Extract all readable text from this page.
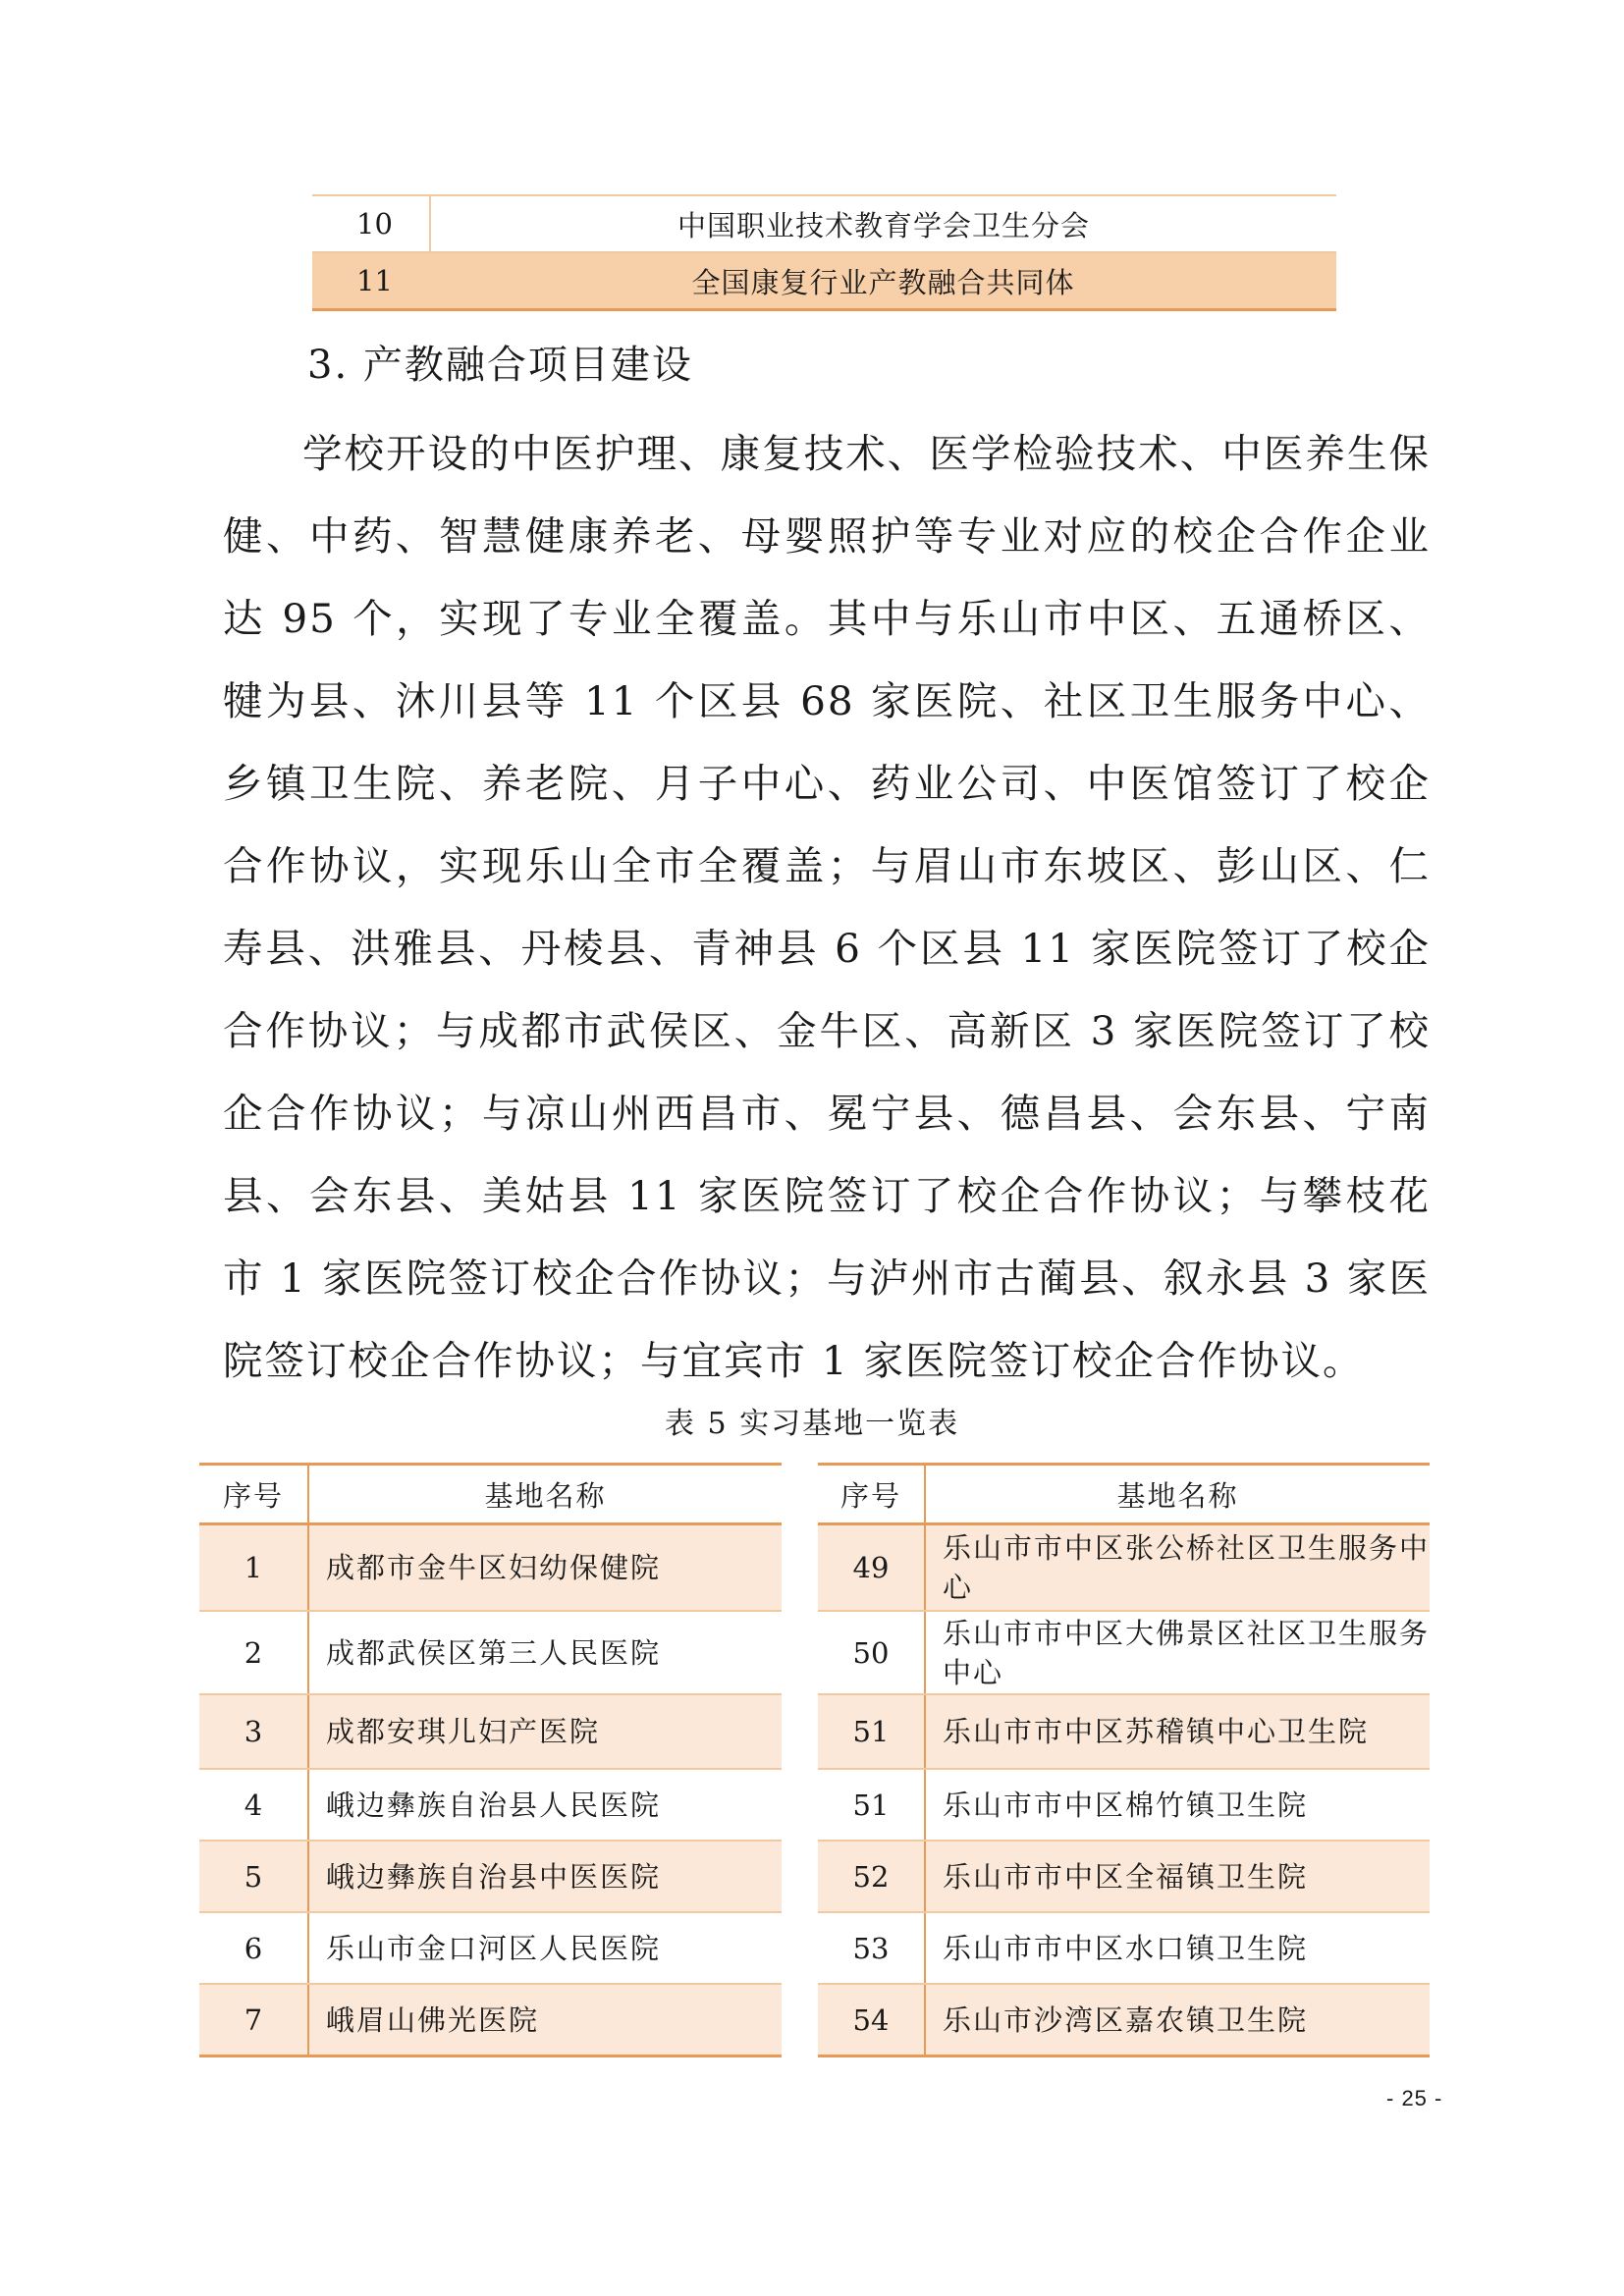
10	中国职业技术教育学会卫生分会
11	全国康复行业产教融合共同体
3. 产教融合项目建设

学校开设的中医护理、康复技术、医学检验技术、中医养生保健、中药、智慧健康养老、母婴照护等专业对应的校企合作企业达 95 个，实现了专业全覆盖。其中与乐山市中区、五通桥区、犍为县、沐川县等 11 个区县 68 家医院、社区卫生服务中心、乡镇卫生院、养老院、月子中心、药业公司、中医馆签订了校企合作协议，实现乐山全市全覆盖；与眉山市东坡区、彭山区、仁寿县、洪雅县、丹棱县、青神县 6 个区县 11 家医院签订了校企合作协议；与成都市武侯区、金牛区、高新区 3 家医院签订了校企合作协议；与凉山州西昌市、冕宁县、德昌县、会东县、宁南县、会东县、美姑县 11 家医院签订了校企合作协议；与攀枝花市 1 家医院签订校企合作协议；与泸州市古蔺县、叙永县 3 家医院签订校企合作协议；与宜宾市 1 家医院签订校企合作协议。

表 5 实习基地一览表
序号	基地名称
1	成都市金牛区妇幼保健院
2	成都武侯区第三人民医院
3	成都安琪儿妇产医院
4	峨边彝族自治县人民医院
5	峨边彝族自治县中医医院
6	乐山市金口河区人民医院
7	峨眉山佛光医院
序号	基地名称
49	乐山市市中区张公桥社区卫生服务中心
50	乐山市市中区大佛景区社区卫生服务中心
51	乐山市市中区苏稽镇中心卫生院
51	乐山市市中区棉竹镇卫生院
52	乐山市市中区全福镇卫生院
53	乐山市市中区水口镇卫生院
54	乐山市沙湾区嘉农镇卫生院
- 25 -
